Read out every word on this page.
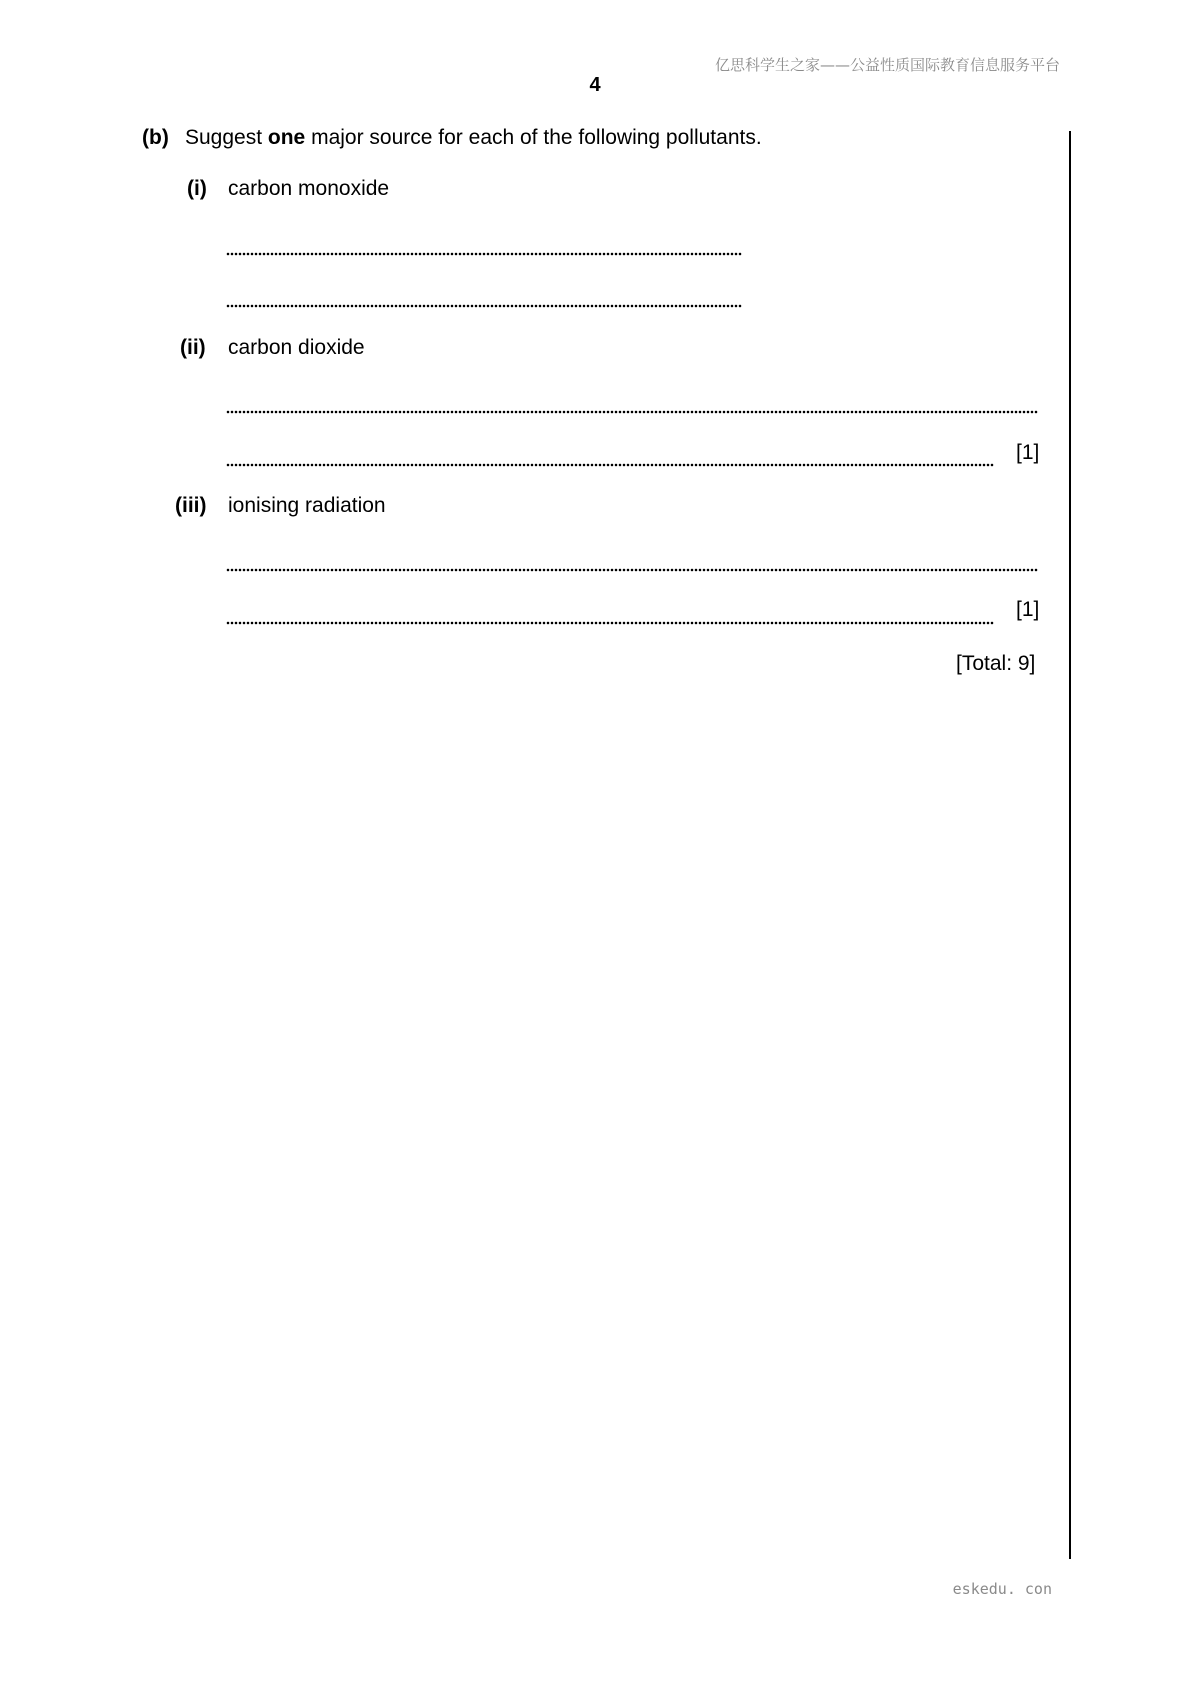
亿思科学生之家——公益性质国际教育信息服务平台
4
(b) Suggest one major source for each of the following pollutants.
(i) carbon monoxide
(ii) carbon dioxide
[1]
(iii) ionising radiation
[1]
[Total: 9]
eskedu. con
